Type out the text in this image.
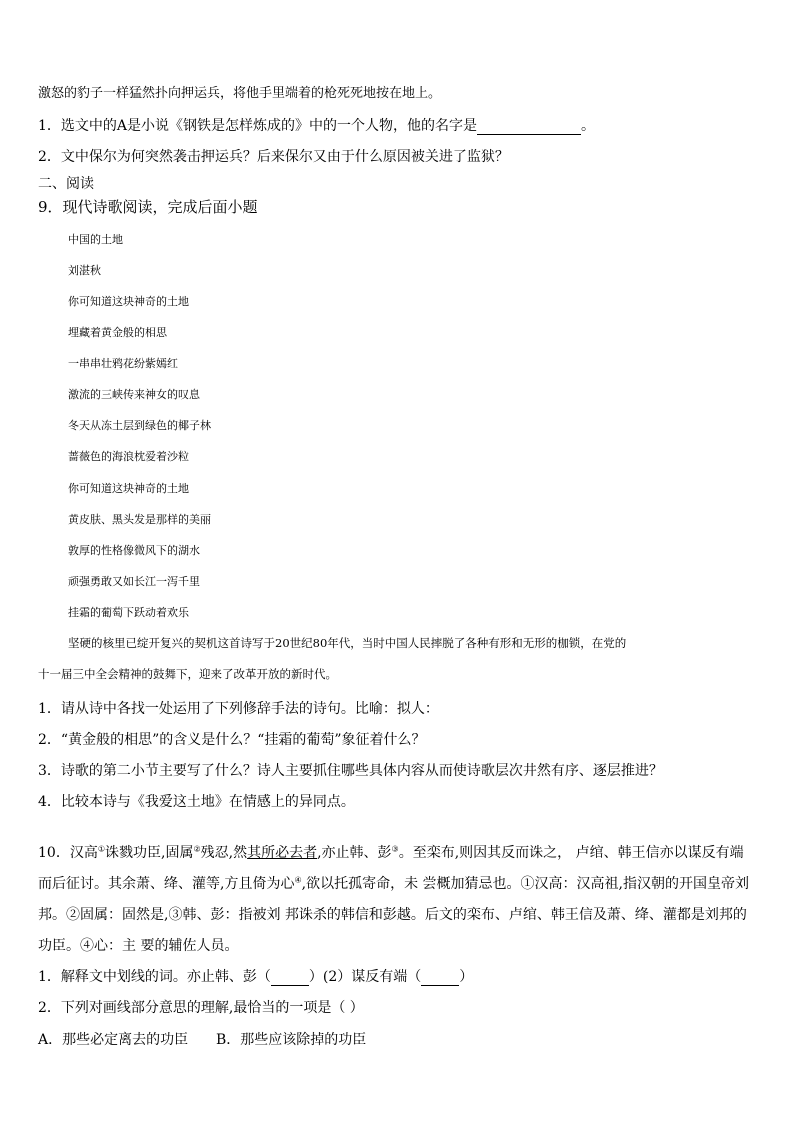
激怒的豹子一样猛然扑向押运兵，将他手里端着的枪死死地按在地上。
1．选文中的A是小说《钢铁是怎样炼成的》中的一个人物，他的名字是	。
2．文中保尔为何突然袭击押运兵？后来保尔又由于什么原因被关进了监狱？
二、阅读
9．现代诗歌阅读，完成后面小题
中国的土地
刘湛秋
你可知道这块神奇的土地
埋藏着黄金般的相思
一串串壮鸦花纷紫嫣红
激流的三峡传来神女的叹息
冬天从冻土层到绿色的椰子林
蔷薇色的海浪枕爱着沙粒
你可知道这块神奇的土地
黄皮肤、黑头发是那样的美丽
敦厚的性格像微风下的湖水
顽强勇敢又如长江一泻千里
挂霜的葡萄下跃动着欢乐
坚硬的核里已绽开复兴的契机这首诗写于20世纪80年代，当时中国人民摔脱了各种有形和无形的枷锁，在党的
十一届三中全会精神的鼓舞下，迎来了改革开放的新时代。
1．请从诗中各找一处运用了下列修辞手法的诗句。比喻：拟人：
2．“黄金般的相思”的含义是什么？“挂霜的葡萄”象征着什么？
3．诗歌的第二小节主要写了什么？诗人主要抓住哪些具体内容从而使诗歌层次井然有序、逐层推进？
4．比较本诗与《我爱这土地》在情感上的异同点。
10．汉高①诛戮功臣,固属②残忍,然其所必去者,亦止韩、彭③。至栾布,则因其反而诛之， 卢绾、韩王信亦以谋反有端
而后征讨。其余萧、绛、灌等,方且倚为心④,欲以托孤寄命，未 尝概加猜忌也。①汉高：汉高祖,指汉朝的开国皇帝刘
邦。②固属：固然是,③韩、彭：指被刘 邦诛杀的韩信和彭越。后文的栾布、卢绾、韩王信及萧、绛、灌都是刘邦的
功臣。④心：主 要的辅佐人员。
1．解释文中划线的词。亦止韩、彭（	）(2）谋反有端（	）
2．下列对画线部分意思的理解,最恰当的一项是（ ）
A．那些必定离去的功臣 B．那些应该除掉的功臣
